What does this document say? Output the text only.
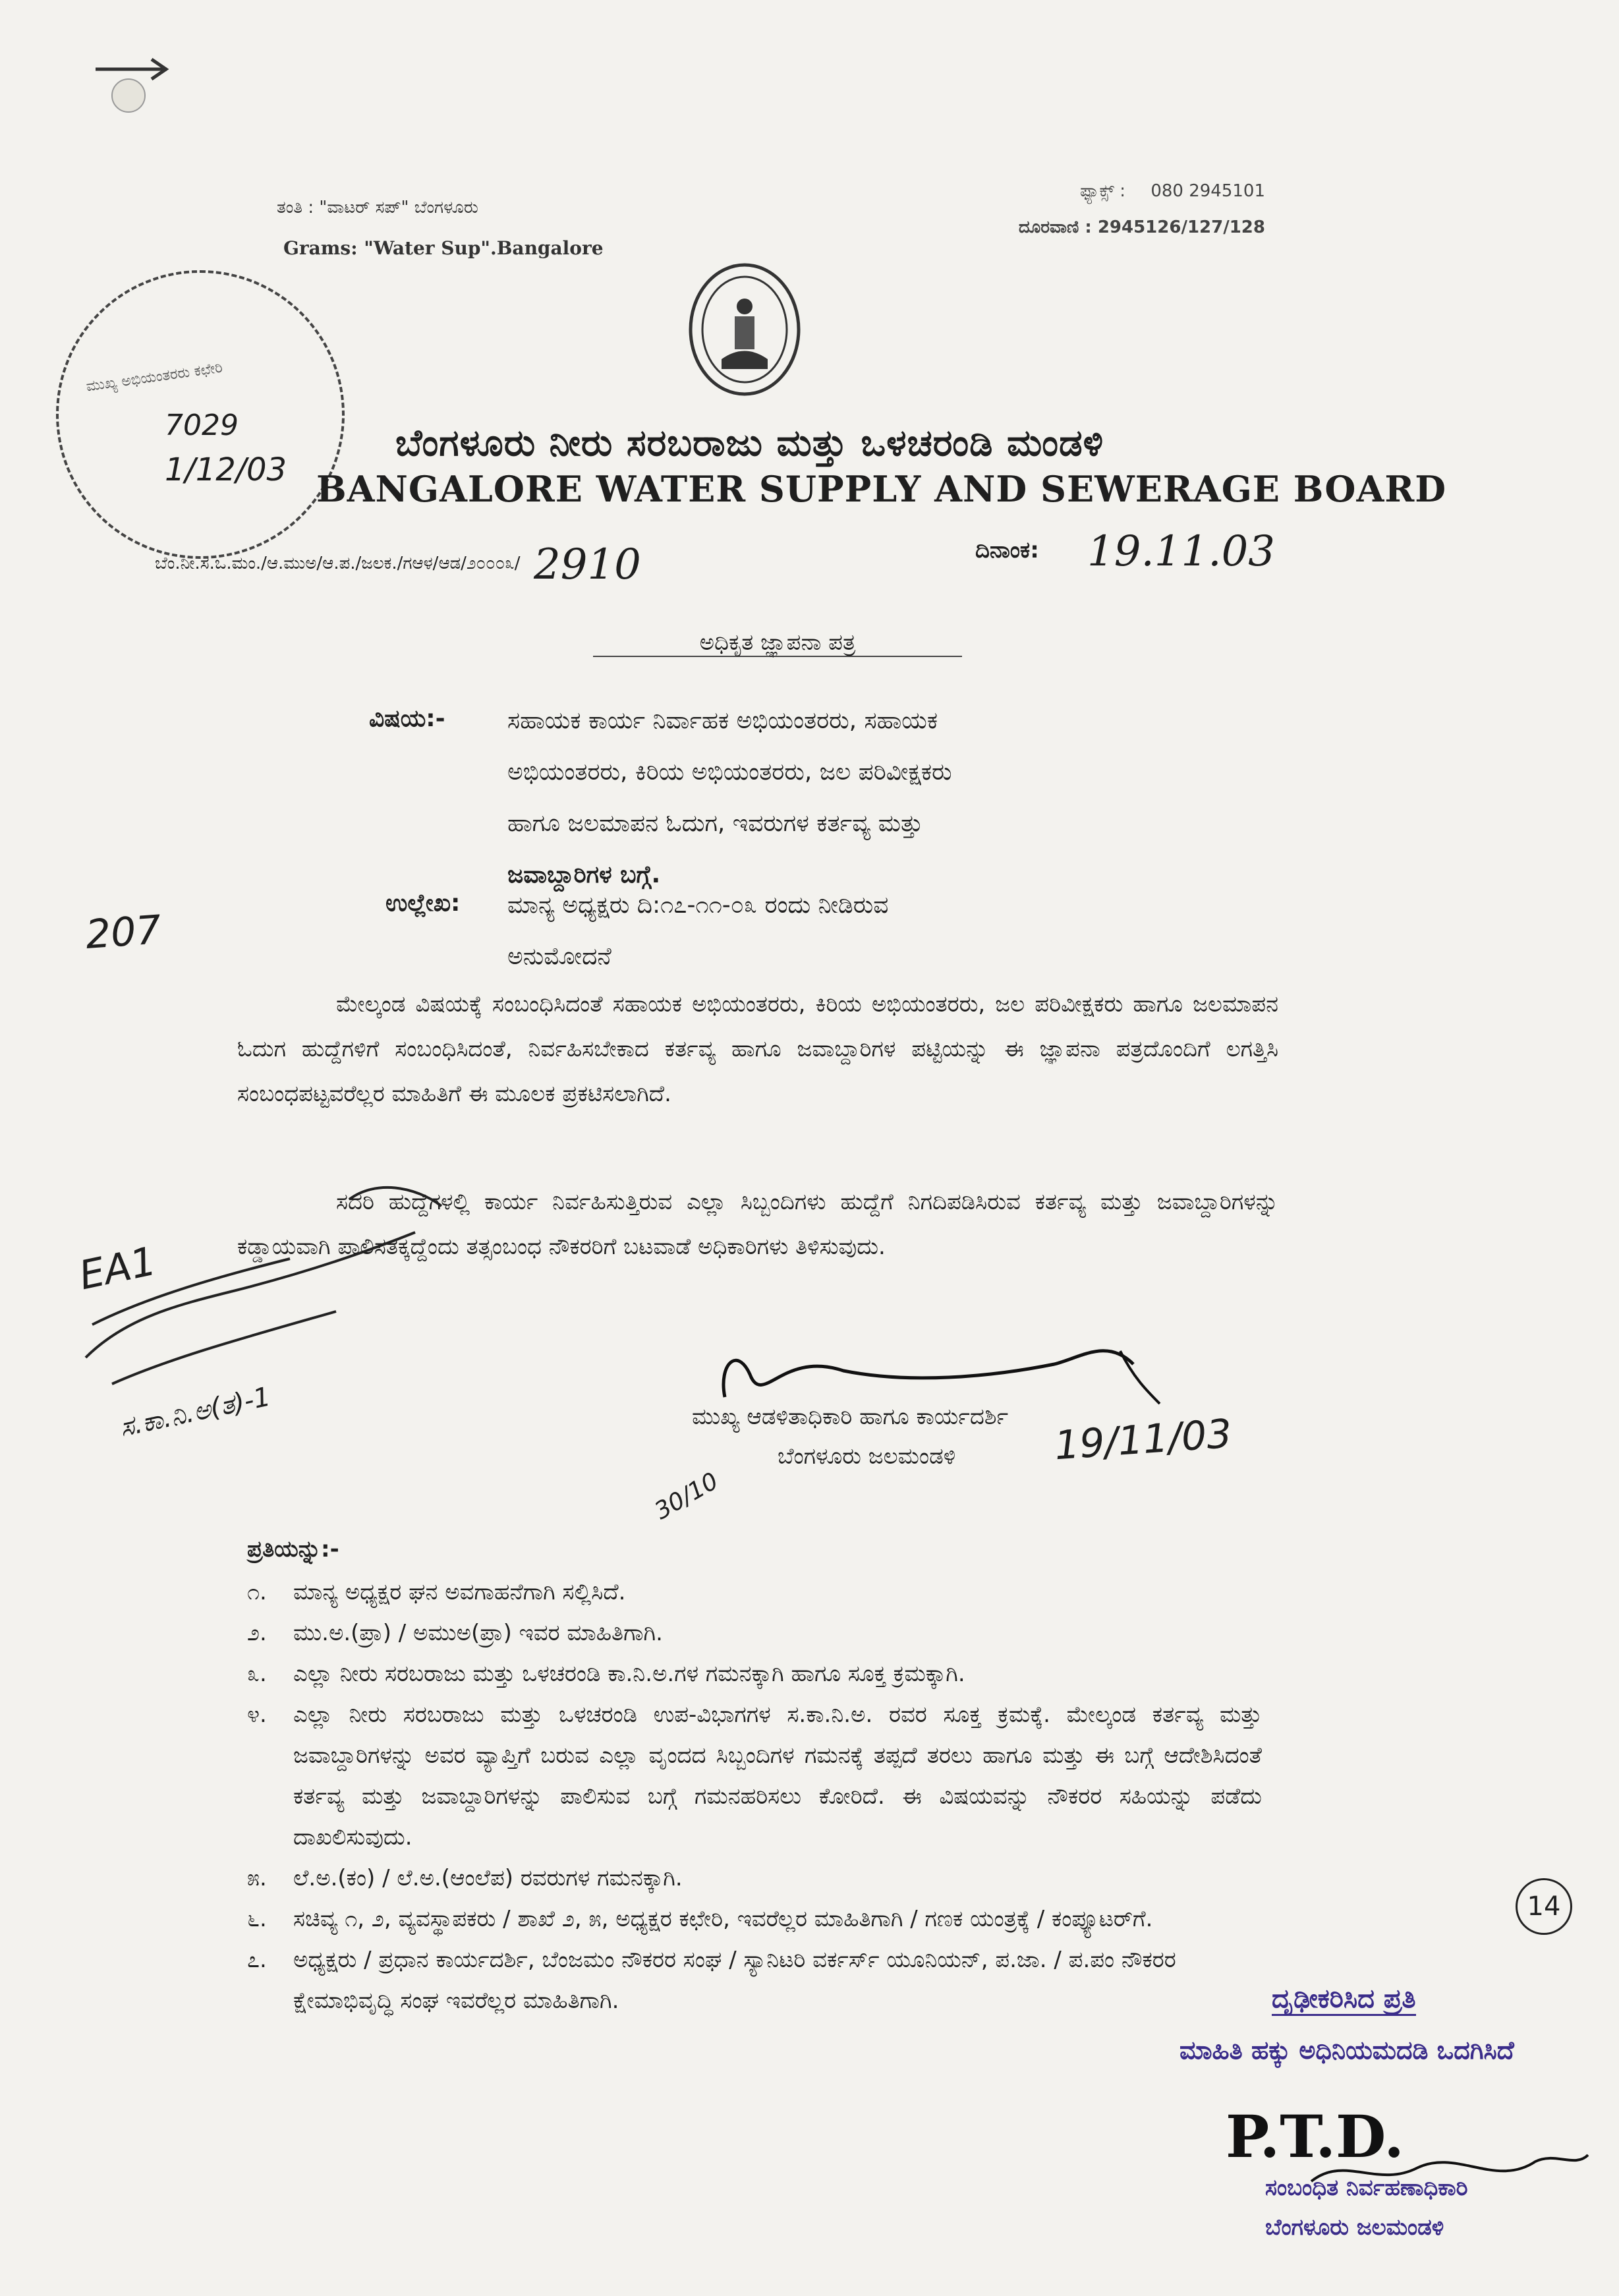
ತಂತಿ : "ವಾಟರ್ ಸಪ್" ಬೆಂಗಳೂರು
Grams: "Water Sup".Bangalore
ಫ್ಯಾಕ್ಸ್ : 080 2945101
ದೂರವಾಣಿ : 2945126/127/128
ಮುಖ್ಯ ಅಭಿಯಂತರರು ಕಛೇರಿ
7029
1/12/03
ಬೆಂಗಳೂರು ನೀರು ಸರಬರಾಜು ಮತ್ತು ಒಳಚರಂಡಿ ಮಂಡಳಿ
BANGALORE WATER SUPPLY AND SEWERAGE BOARD
ಬೆಂ.ನೀ.ಸ.ಒ.ಮಂ./ಆ.ಮುಅ/ಆ.ಪ./ಜಲಕ./ಗಆಳ/ಆಡ/೨೦೦೦೩/ 2910	ದಿನಾಂಕ: 19.11.03
ಅಧಿಕೃತ ಜ್ಞಾಪನಾ ಪತ್ರ
ವಿಷಯ:-	ಸಹಾಯಕ ಕಾರ್ಯ ನಿರ್ವಾಹಕ ಅಭಿಯಂತರರು, ಸಹಾಯಕ
ಅಭಿಯಂತರರು, ಕಿರಿಯ ಅಭಿಯಂತರರು, ಜಲ ಪರಿವೀಕ್ಷಕರು
ಹಾಗೂ ಜಲಮಾಪನ ಓದುಗ, ಇವರುಗಳ ಕರ್ತವ್ಯ ಮತ್ತು
ಜವಾಬ್ದಾರಿಗಳ ಬಗ್ಗೆ.
ಉಲ್ಲೇಖ: ಮಾನ್ಯ ಅಧ್ಯಕ್ಷರು ದಿ:೧೭-೧೧-೦೩ ರಂದು ನೀಡಿರುವ
ಅನುಮೋದನೆ
207
ಮೇಲ್ಕಂಡ ವಿಷಯಕ್ಕೆ ಸಂಬಂಧಿಸಿದಂತೆ ಸಹಾಯಕ ಅಭಿಯಂತರರು, ಕಿರಿಯ ಅಭಿಯಂತರರು, ಜಲ ಪರಿವೀಕ್ಷಕರು ಹಾಗೂ ಜಲಮಾಪನ ಓದುಗ ಹುದ್ದೆಗಳಿಗೆ ಸಂಬಂಧಿಸಿದಂತೆ, ನಿರ್ವಹಿಸಬೇಕಾದ ಕರ್ತವ್ಯ ಹಾಗೂ ಜವಾಬ್ದಾರಿಗಳ ಪಟ್ಟಿಯನ್ನು ಈ ಜ್ಞಾಪನಾ ಪತ್ರದೊಂದಿಗೆ ಲಗತ್ತಿಸಿ ಸಂಬಂಧಪಟ್ಟವರೆಲ್ಲರ ಮಾಹಿತಿಗೆ ಈ ಮೂಲಕ ಪ್ರಕಟಿಸಲಾಗಿದೆ.
ಸದರಿ ಹುದ್ದೆಗಳಲ್ಲಿ ಕಾರ್ಯ ನಿರ್ವಹಿಸುತ್ತಿರುವ ಎಲ್ಲಾ ಸಿಬ್ಬಂದಿಗಳು ಹುದ್ದೆಗೆ ನಿಗದಿಪಡಿಸಿರುವ ಕರ್ತವ್ಯ ಮತ್ತು ಜವಾಬ್ದಾರಿಗಳನ್ನು ಕಡ್ಡಾಯವಾಗಿ ಪಾಲಿಸತಕ್ಕದ್ದೆಂದು ತತ್ಸಂಬಂಧ ನೌಕರರಿಗೆ ಬಟವಾಡೆ ಅಧಿಕಾರಿಗಳು ತಿಳಿಸುವುದು.
EA1
ಸ.ಕಾ.ನಿ.ಅ(ತ)-1	ಮುಖ್ಯ ಆಡಳಿತಾಧಿಕಾರಿ ಹಾಗೂ ಕಾರ್ಯದರ್ಶಿ
ಬೆಂಗಳೂರು ಜಲಮಂಡಳಿ	19/11/03
30/10
ಪ್ರತಿಯನ್ನು:-
೧. ಮಾನ್ಯ ಅಧ್ಯಕ್ಷರ ಘನ ಅವಗಾಹನೆಗಾಗಿ ಸಲ್ಲಿಸಿದೆ.
೨. ಮು.ಅ.(ಪ್ರಾ) / ಅಮುಅ(ಪ್ರಾ) ಇವರ ಮಾಹಿತಿಗಾಗಿ.
೩.	ಎಲ್ಲಾ ನೀರು ಸರಬರಾಜು ಮತ್ತು ಒಳಚರಂಡಿ ಕಾ.ನಿ.ಅ.ಗಳ ಗಮನಕ್ಕಾಗಿ ಹಾಗೂ ಸೂಕ್ತ ಕ್ರಮಕ್ಕಾಗಿ.
೪.	ಎಲ್ಲಾ ನೀರು ಸರಬರಾಜು ಮತ್ತು ಒಳಚರಂಡಿ ಉಪ-ವಿಭಾಗಗಳ ಸ.ಕಾ.ನಿ.ಅ. ರವರ ಸೂಕ್ತ ಕ್ರಮಕ್ಕೆ. ಮೇಲ್ಕಂಡ ಕರ್ತವ್ಯ ಮತ್ತು ಜವಾಬ್ದಾರಿಗಳನ್ನು ಅವರ ವ್ಯಾಪ್ತಿಗೆ ಬರುವ ಎಲ್ಲಾ ವೃಂದದ ಸಿಬ್ಬಂದಿಗಳ ಗಮನಕ್ಕೆ ತಪ್ಪದೆ ತರಲು ಹಾಗೂ ಮತ್ತು ಈ ಬಗ್ಗೆ ಆದೇಶಿಸಿದಂತೆ ಕರ್ತವ್ಯ ಮತ್ತು ಜವಾಬ್ದಾರಿಗಳನ್ನು ಪಾಲಿಸುವ ಬಗ್ಗೆ ಗಮನಹರಿಸಲು ಕೋರಿದೆ. ಈ ವಿಷಯವನ್ನು ನೌಕರರ ಸಹಿಯನ್ನು ಪಡೆದು ದಾಖಲಿಸುವುದು.
೫. ಲೆ.ಅ.(ಕಂ) / ಲೆ.ಅ.(ಆಂಲೆಪ) ರವರುಗಳ ಗಮನಕ್ಕಾಗಿ.
೬.	ಸಚಿವ್ಯ ೧, ೨, ವ್ಯವಸ್ಥಾಪಕರು / ಶಾಖೆ ೨, ೫, ಅಧ್ಯಕ್ಷರ ಕಛೇರಿ, ಇವರೆಲ್ಲರ ಮಾಹಿತಿಗಾಗಿ / ಗಣಕ ಯಂತ್ರಕ್ಕೆ / ಕಂಪ್ಯೂಟರ್‌ಗೆ.
೭.	ಅಧ್ಯಕ್ಷರು / ಪ್ರಧಾನ ಕಾರ್ಯದರ್ಶಿ, ಬೆಂಜಮಂ ನೌಕರರ ಸಂಘ / ಸ್ಯಾನಿಟರಿ ವರ್ಕರ್ಸ್ ಯೂನಿಯನ್, ಪ.ಜಾ. / ಪ.ಪಂ ನೌಕರರ ಕ್ಷೇಮಾಭಿವೃದ್ಧಿ ಸಂಘ ಇವರೆಲ್ಲರ ಮಾಹಿತಿಗಾಗಿ.
14
ದೃಢೀಕರಿಸಿದ ಪ್ರತಿ
ಮಾಹಿತಿ ಹಕ್ಕು ಅಧಿನಿಯಮದಡಿ ಒದಗಿಸಿದೆ
P.T.D.
ಸಂಬಂಧಿತ ನಿರ್ವಹಣಾಧಿಕಾರಿ
ಬೆಂಗಳೂರು ಜಲಮಂಡಳಿ
